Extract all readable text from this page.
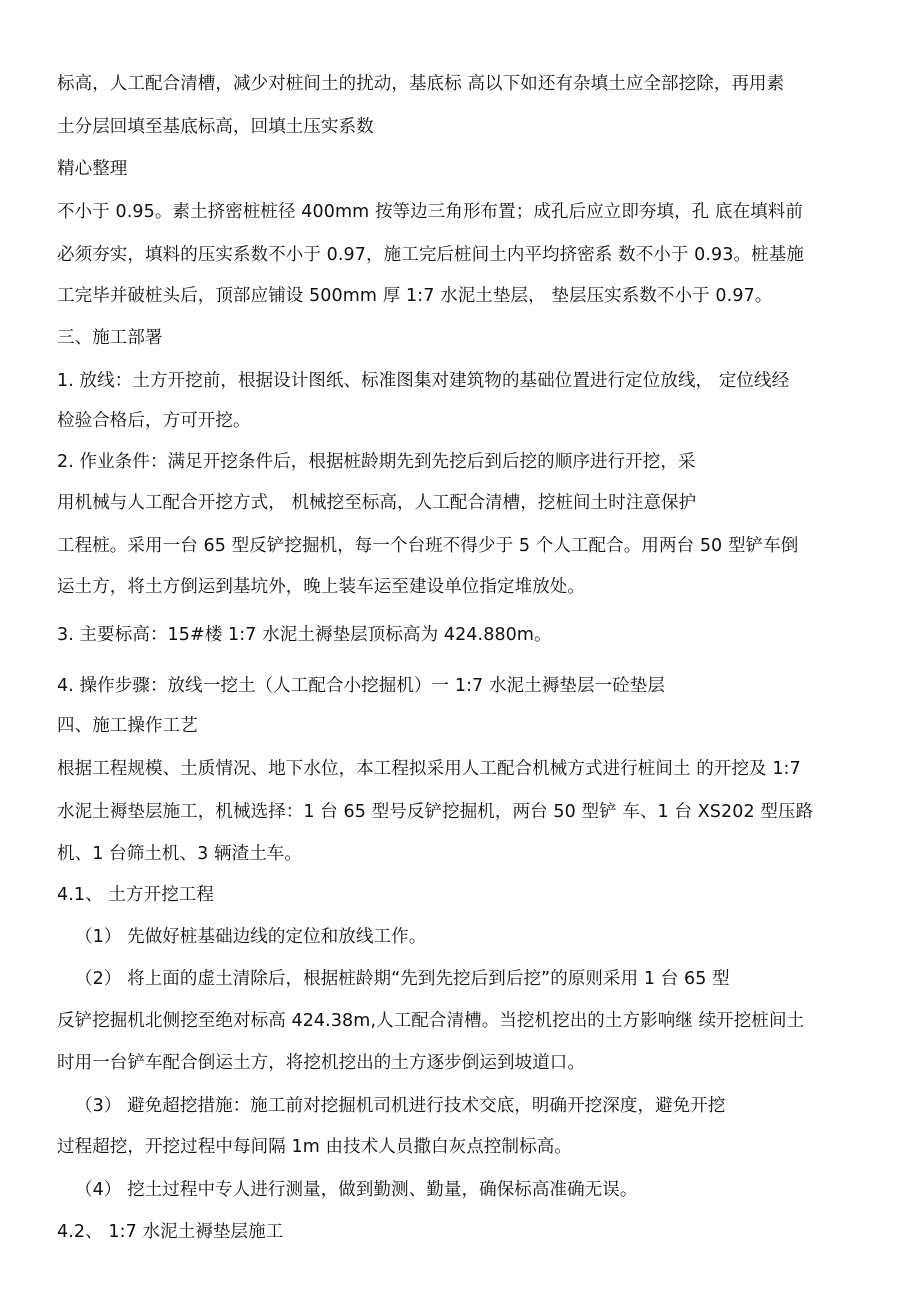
标高，人工配合清槽，减少对桩间土的扰动，基底标 高以下如还有杂填土应全部挖除，再用素
土分层回填至基底标高，回填土压实系数
精心整理
不小于 0.95。素土挤密桩桩径 400mm 按等边三角形布置；成孔后应立即夯填，孔 底在填料前
必须夯实，填料的压实系数不小于 0.97，施工完后桩间土内平均挤密系 数不小于 0.93。桩基施
工完毕并破桩头后，顶部应铺设 500mm 厚 1:7 水泥土垫层， 垫层压实系数不小于 0.97。
三、施工部署
1. 放线：土方开挖前，根据设计图纸、标准图集对建筑物的基础位置进行定位放线， 定位线经
检验合格后，方可开挖。
2. 作业条件：满足开挖条件后，根据桩龄期先到先挖后到后挖的顺序进行开挖，采
用机械与人工配合开挖方式， 机械挖至标高，人工配合清槽，挖桩间土时注意保护
工程桩。采用一台 65 型反铲挖掘机，每一个台班不得少于 5 个人工配合。用两台 50 型铲车倒
运土方，将土方倒运到基坑外，晚上装车运至建设单位指定堆放处。
3. 主要标高：15#楼 1:7 水泥土褥垫层顶标高为 424.880m。
4. 操作步骤：放线一挖土（人工配合小挖掘机）一 1:7 水泥土褥垫层一砼垫层
四、施工操作工艺
根据工程规模、土质情况、地下水位，本工程拟采用人工配合机械方式进行桩间土 的开挖及 1:7
水泥土褥垫层施工，机械选择：1 台 65 型号反铲挖掘机，两台 50 型铲 车、1 台 XS202 型压路
机、1 台筛土机、3 辆渣土车。
4.1、 土方开挖工程
（1） 先做好桩基础边线的定位和放线工作。
（2） 将上面的虚土清除后，根据桩龄期“先到先挖后到后挖”的原则采用 1 台 65 型
反铲挖掘机北侧挖至绝对标高 424.38m,人工配合清槽。当挖机挖出的土方影响继 续开挖桩间土
时用一台铲车配合倒运土方，将挖机挖出的土方逐步倒运到坡道口。
（3） 避免超挖措施：施工前对挖掘机司机进行技术交底，明确开挖深度，避免开挖
过程超挖，开挖过程中每间隔 1m 由技术人员撒白灰点控制标高。
（4） 挖土过程中专人进行测量，做到勤测、勤量，确保标高准确无误。
4.2、 1:7 水泥土褥垫层施工
